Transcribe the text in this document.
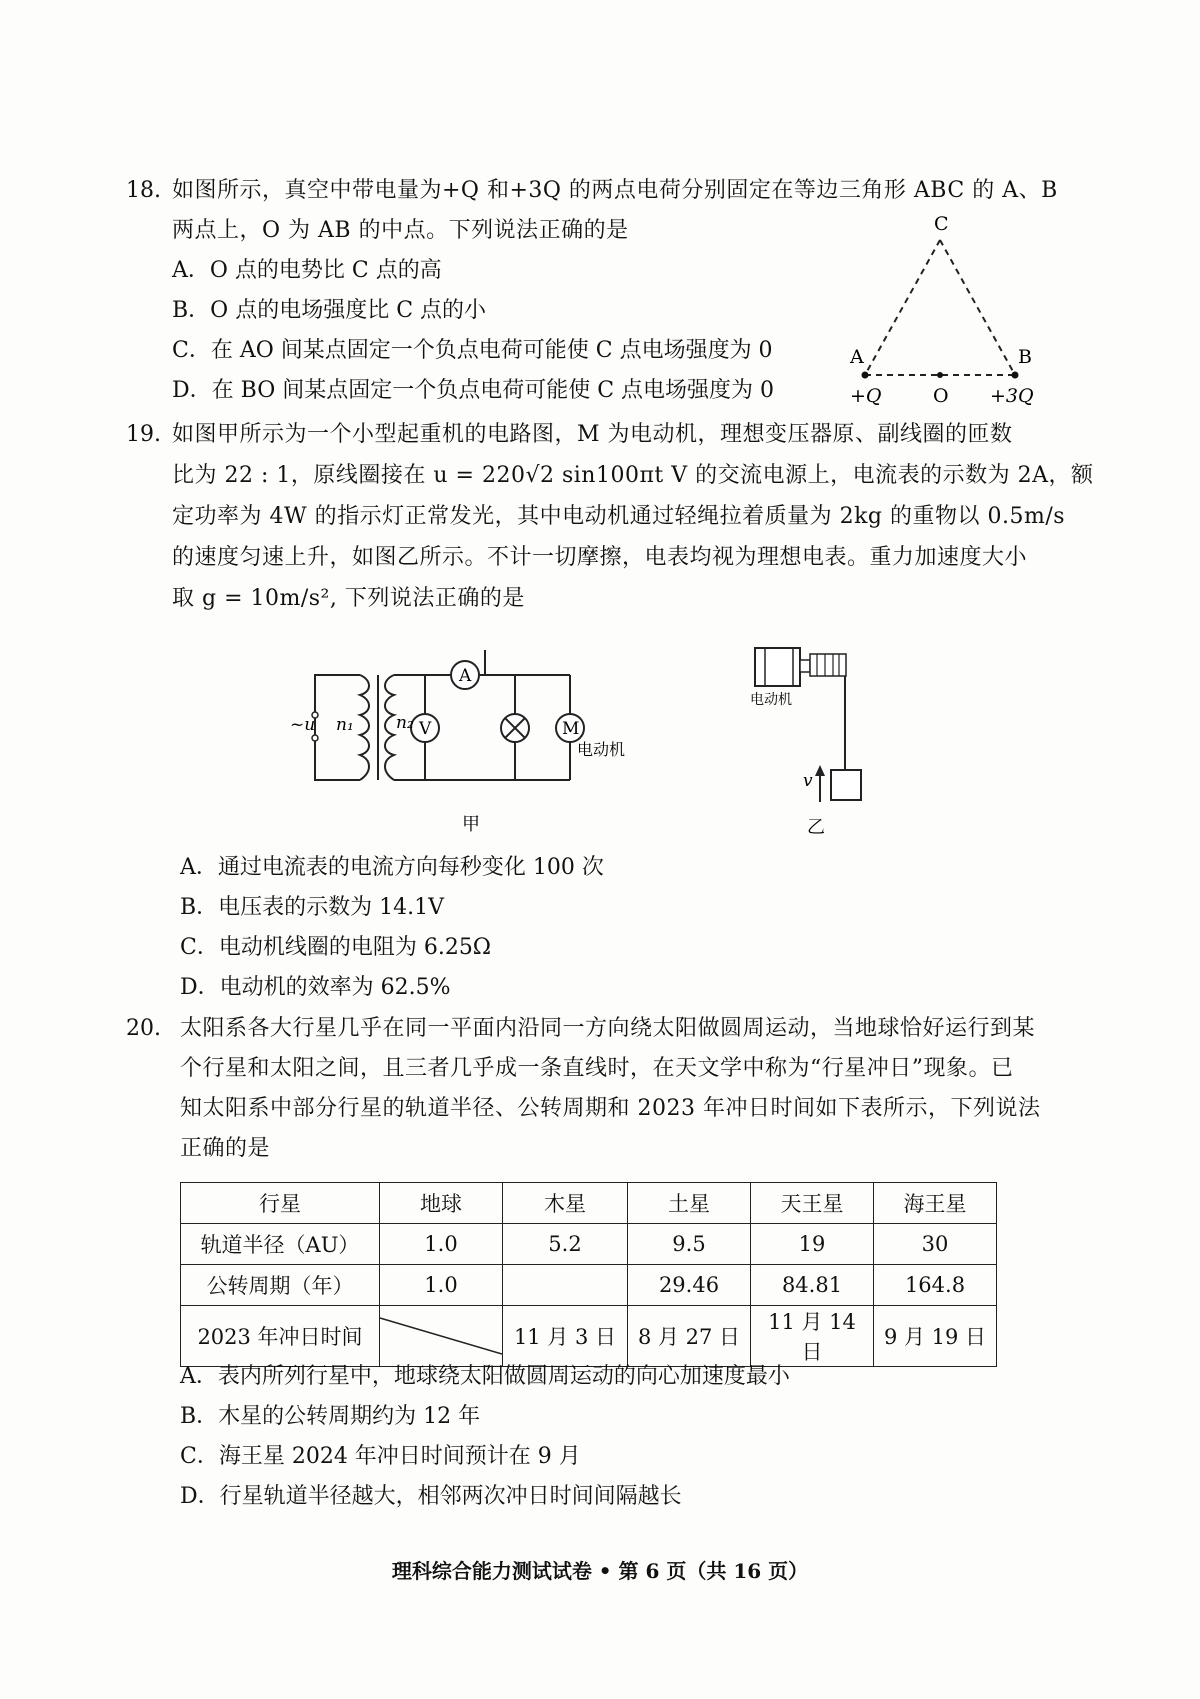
18. 如图所示，真空中带电量为+Q 和+3Q 的两点电荷分别固定在等边三角形 ABC 的 A、B
两点上，O 为 AB 的中点。下列说法正确的是
A．O 点的电势比 C 点的高
B．O 点的电场强度比 C 点的小
C．在 AO 间某点固定一个负点电荷可能使 C 点电场强度为 0
D．在 BO 间某点固定一个负点电荷可能使 C 点电场强度为 0
C
A	B
O
+Q	+3Q
19. 如图甲所示为一个小型起重机的电路图，M 为电动机，理想变压器原、副线圈的匝数
比为 22 : 1，原线圈接在 u = 220√2 sin100πt V 的交流电源上，电流表的示数为 2A，额
定功率为 4W 的指示灯正常发光，其中电动机通过轻绳拉着质量为 2kg 的重物以 0.5m/s
的速度匀速上升，如图乙所示。不计一切摩擦，电表均视为理想电表。重力加速度大小
取 g = 10m/s², 下列说法正确的是
A
V	M
电动机
~u n₁ n₂
甲
v
电动机
乙
A．通过电流表的电流方向每秒变化 100 次
B．电压表的示数为 14.1V
C．电动机线圈的电阻为 6.25Ω
D．电动机的效率为 62.5%
20. 太阳系各大行星几乎在同一平面内沿同一方向绕太阳做圆周运动，当地球恰好运行到某
个行星和太阳之间，且三者几乎成一条直线时，在天文学中称为“行星冲日”现象。已
知太阳系中部分行星的轨道半径、公转周期和 2023 年冲日时间如下表所示，下列说法
正确的是
行星	地球	木星	土星	天王星	海王星
轨道半径（AU）	1.0	5.2	9.5	19	30
公转周期（年）	1.0		29.46	84.81	164.8
2023 年冲日时间		11 月 3 日	8 月 27 日	11 月 14 日	9 月 19 日
A．表内所列行星中，地球绕太阳做圆周运动的向心加速度最小
B．木星的公转周期约为 12 年
C．海王星 2024 年冲日时间预计在 9 月
D．行星轨道半径越大，相邻两次冲日时间间隔越长
理科综合能力测试试卷 • 第 6 页（共 16 页）
